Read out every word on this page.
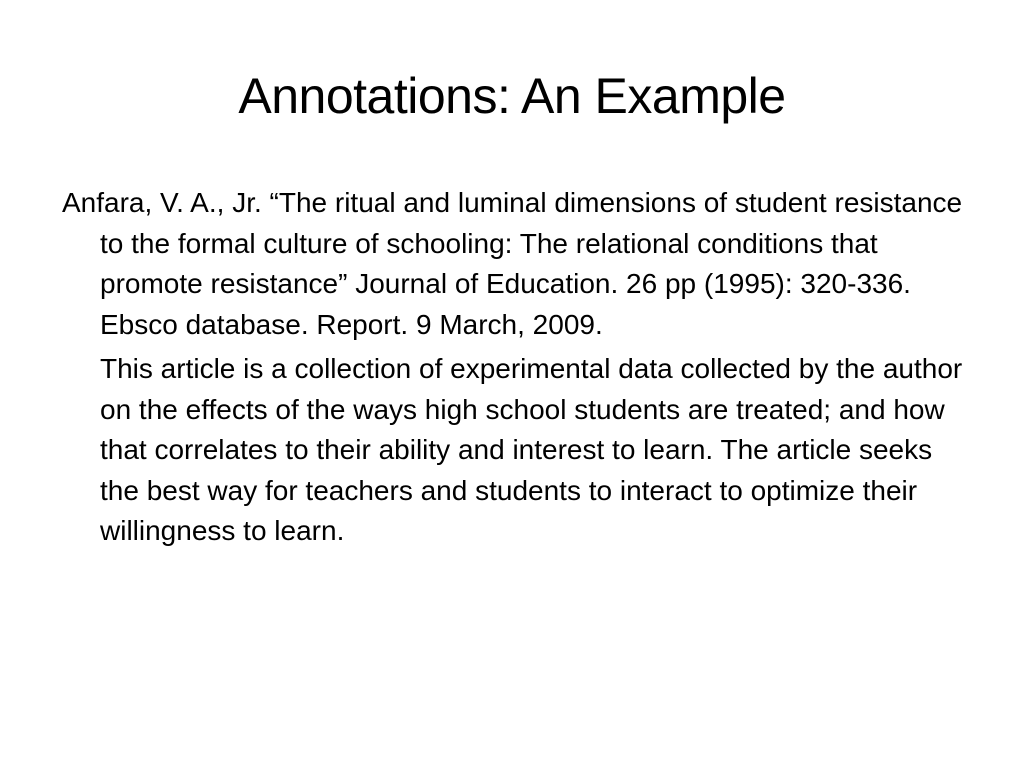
Annotations: An Example

Anfara, V. A., Jr. “The ritual and luminal dimensions of student resistance to the formal culture of schooling: The relational conditions that promote resistance” Journal of Education. 26 pp (1995): 320-336. Ebsco database. Report. 9 March, 2009.

This article is a collection of experimental data collected by the author on the effects of the ways high school students are treated; and how that correlates to their ability and interest to learn. The article seeks the best way for teachers and students to interact to optimize their willingness to learn.
